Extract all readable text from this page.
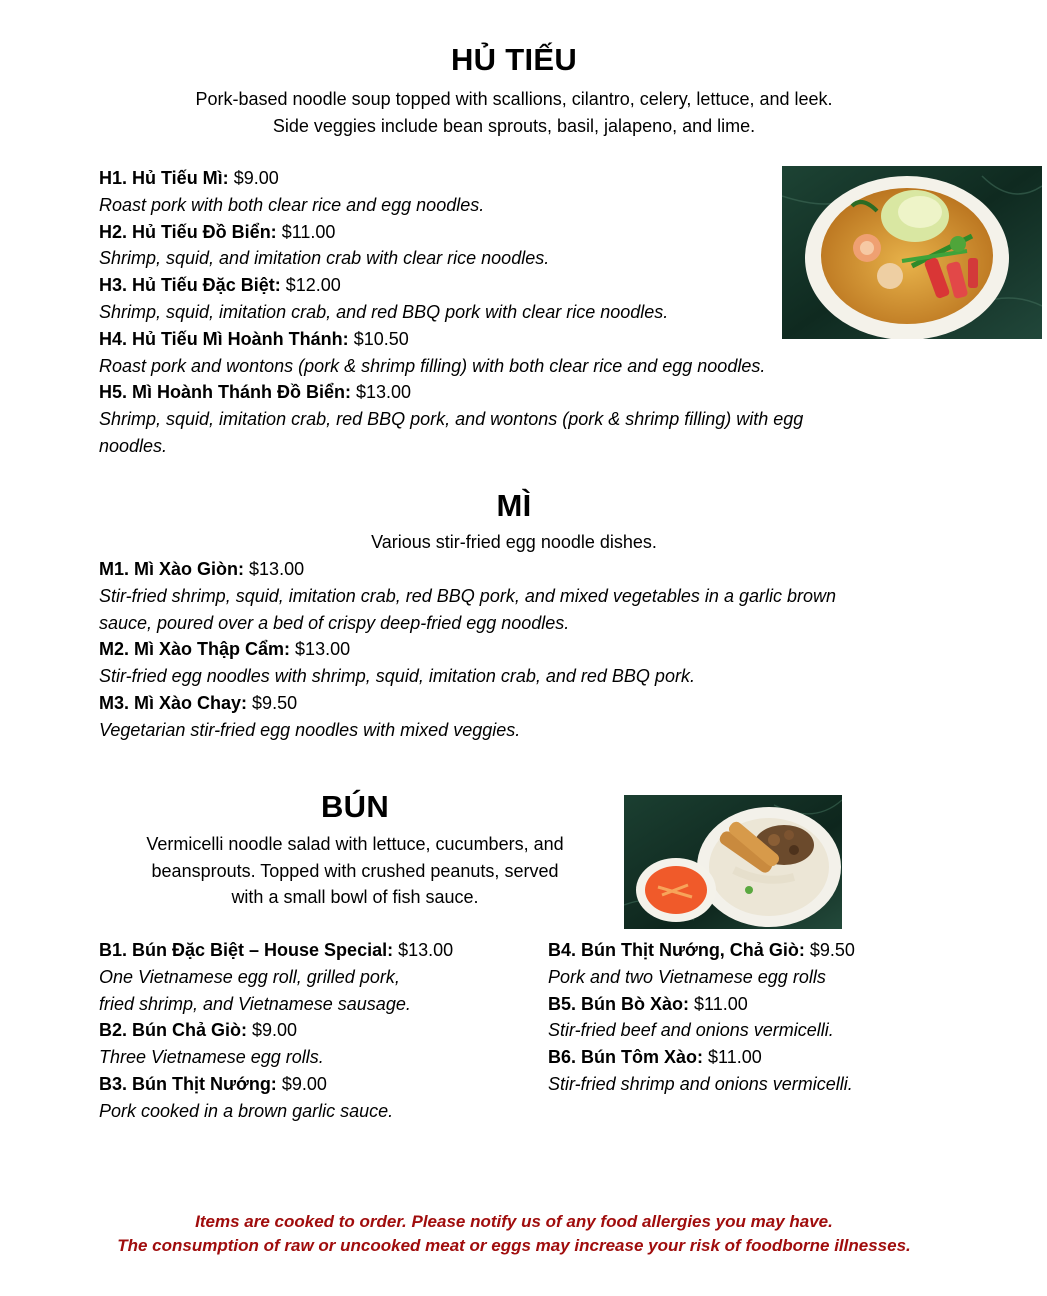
HỦ TIẾU
Pork-based noodle soup topped with scallions, cilantro, celery, lettuce, and leek.
Side veggies include bean sprouts, basil, jalapeno, and lime.
H1. Hủ Tiếu Mì: $9.00
Roast pork with both clear rice and egg noodles.
H2. Hủ Tiếu Đồ Biển: $11.00
Shrimp, squid, and imitation crab with clear rice noodles.
H3. Hủ Tiếu Đặc Biệt: $12.00
Shrimp, squid, imitation crab, and red BBQ pork with clear rice noodles.
H4. Hủ Tiếu Mì Hoành Thánh: $10.50
Roast pork and wontons (pork & shrimp filling) with both clear rice and egg noodles.
H5. Mì Hoành Thánh Đồ Biển: $13.00
Shrimp, squid, imitation crab, red BBQ pork, and wontons (pork & shrimp filling) with egg
noodles.
MÌ
Various stir-fried egg noodle dishes.
M1. Mì Xào Giòn: $13.00
Stir-fried shrimp, squid, imitation crab, red BBQ pork, and mixed vegetables in a garlic brown
sauce, poured over a bed of crispy deep-fried egg noodles.
M2. Mì Xào Thập Cẩm: $13.00
Stir-fried egg noodles with shrimp, squid, imitation crab, and red BBQ pork.
M3. Mì Xào Chay: $9.50
Vegetarian stir-fried egg noodles with mixed veggies.
BÚN
Vermicelli noodle salad with lettuce, cucumbers, and
beansprouts. Topped with crushed peanuts, served
with a small bowl of fish sauce.
B1. Bún Đặc Biệt – House Special: $13.00
One Vietnamese egg roll, grilled pork,
fried shrimp, and Vietnamese sausage.
B2. Bún Chả Giò: $9.00
Three Vietnamese egg rolls.
B3. Bún Thịt Nướng: $9.00
Pork cooked in a brown garlic sauce.
B4. Bún Thịt Nướng, Chả Giò: $9.50
Pork and two Vietnamese egg rolls
B5. Bún Bò Xào: $11.00
Stir-fried beef and onions vermicelli.
B6. Bún Tôm Xào: $11.00
Stir-fried shrimp and onions vermicelli.
Items are cooked to order. Please notify us of any food allergies you may have.
The consumption of raw or uncooked meat or eggs may increase your risk of foodborne illnesses.
